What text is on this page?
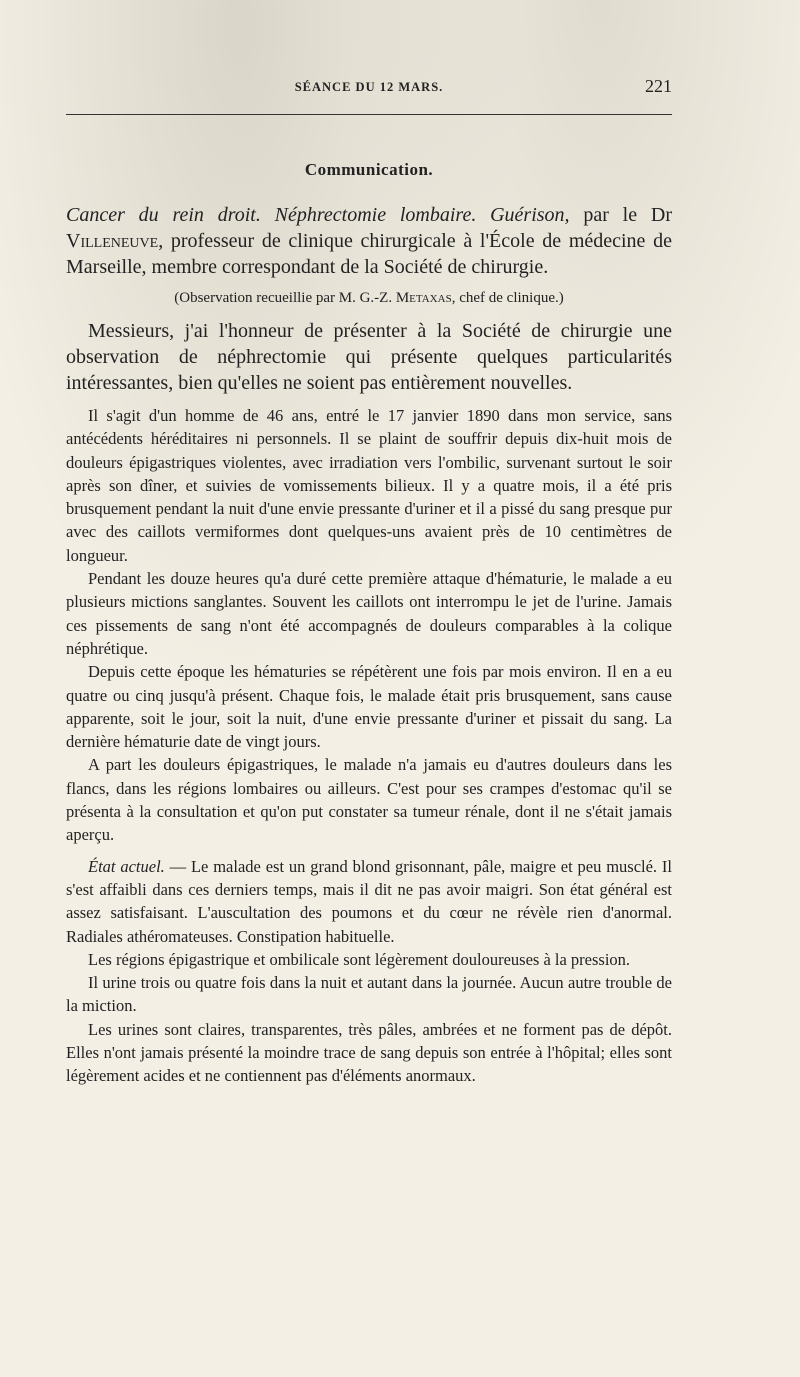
SÉANCE DU 12 MARS.	221
Communication.

Cancer du rein droit. Néphrectomie lombaire. Guérison, par le Dr Villeneuve, professeur de clinique chirurgicale à l'École de médecine de Marseille, membre correspondant de la Société de chirurgie.

(Observation recueillie par M. G.-Z. Metaxas, chef de clinique.)

Messieurs, j'ai l'honneur de présenter à la Société de chirurgie une observation de néphrectomie qui présente quelques particularités intéressantes, bien qu'elles ne soient pas entièrement nouvelles.

Il s'agit d'un homme de 46 ans, entré le 17 janvier 1890 dans mon service, sans antécédents héréditaires ni personnels. Il se plaint de souffrir depuis dix-huit mois de douleurs épigastriques violentes, avec irradiation vers l'ombilic, survenant surtout le soir après son dîner, et suivies de vomissements bilieux. Il y a quatre mois, il a été pris brusquement pendant la nuit d'une envie pressante d'uriner et il a pissé du sang presque pur avec des caillots vermiformes dont quelques-uns avaient près de 10 centimètres de longueur.

Pendant les douze heures qu'a duré cette première attaque d'hématurie, le malade a eu plusieurs mictions sanglantes. Souvent les caillots ont interrompu le jet de l'urine. Jamais ces pissements de sang n'ont été accompagnés de douleurs comparables à la colique néphrétique.

Depuis cette époque les hématuries se répétèrent une fois par mois environ. Il en a eu quatre ou cinq jusqu'à présent. Chaque fois, le malade était pris brusquement, sans cause apparente, soit le jour, soit la nuit, d'une envie pressante d'uriner et pissait du sang. La dernière hématurie date de vingt jours.

A part les douleurs épigastriques, le malade n'a jamais eu d'autres douleurs dans les flancs, dans les régions lombaires ou ailleurs. C'est pour ses crampes d'estomac qu'il se présenta à la consultation et qu'on put constater sa tumeur rénale, dont il ne s'était jamais aperçu.

État actuel. — Le malade est un grand blond grisonnant, pâle, maigre et peu musclé. Il s'est affaibli dans ces derniers temps, mais il dit ne pas avoir maigri. Son état général est assez satisfaisant. L'auscultation des poumons et du cœur ne révèle rien d'anormal. Radiales athéromateuses. Constipation habituelle.

Les régions épigastrique et ombilicale sont légèrement douloureuses à la pression.

Il urine trois ou quatre fois dans la nuit et autant dans la journée. Aucun autre trouble de la miction.

Les urines sont claires, transparentes, très pâles, ambrées et ne forment pas de dépôt. Elles n'ont jamais présenté la moindre trace de sang depuis son entrée à l'hôpital; elles sont légèrement acides et ne contiennent pas d'éléments anormaux.
